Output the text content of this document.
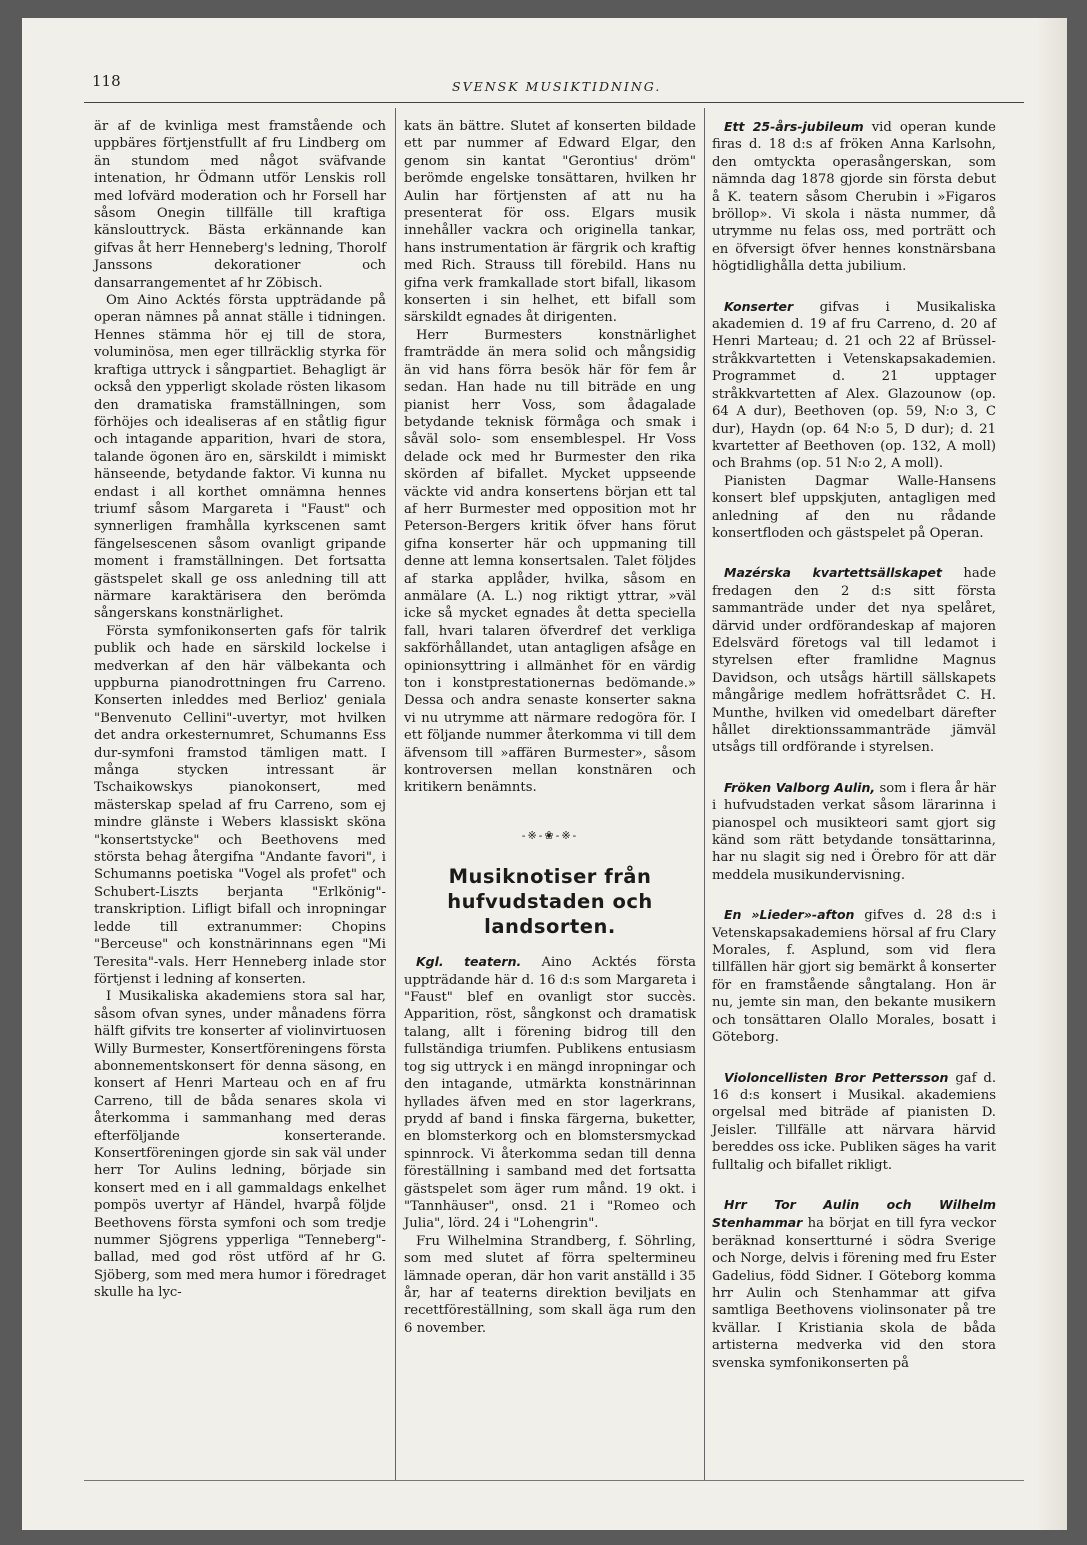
118	SVENSK MUSIKTIDNING.

är af de kvinliga mest framstående och uppbäres förtjenstfullt af fru Lindberg om än stundom med något sväfvande intenation, hr Ödmann utför Lenskis roll med lofvärd moderation och hr Forsell har såsom Onegin tillfälle till kraftiga känslouttryck. Bästa erkännande kan gifvas åt herr Henneberg's ledning, Thorolf Janssons dekorationer och dansarrangementet af hr Zöbisch.

Om Aino Acktés första uppträdande på operan nämnes på annat ställe i tidningen. Hennes stämma hör ej till de stora, voluminösa, men eger tillräcklig styrka för kraftiga uttryck i sångpartiet. Behagligt är också den ypperligt skolade rösten likasom den dramatiska framställningen, som förhöjes och idealiseras af en ståtlig figur och intagande apparition, hvari de stora, talande ögonen äro en, särskildt i mimiskt hänseende, betydande faktor. Vi kunna nu endast i all korthet omnämna hennes triumf såsom Margareta i "Faust" och synnerligen framhålla kyrkscenen samt fängelsescenen såsom ovanligt gripande moment i framställningen. Det fortsatta gästspelet skall ge oss anledning till att närmare karaktärisera den berömda sångerskans konstnärlighet.

Första symfonikonserten gafs för talrik publik och hade en särskild lockelse i medverkan af den här välbekanta och uppburna pianodrottningen fru Carreno. Konserten inleddes med Berlioz' geniala "Benvenuto Cellini"-uvertyr, mot hvilken det andra orkesternumret, Schumanns Ess dur-symfoni framstod tämligen matt. I många stycken intressant är Tschaikowskys pianokonsert, med mästerskap spelad af fru Carreno, som ej mindre glänste i Webers klassiskt sköna "konsertstycke" och Beethovens med största behag återgifna "Andante favori", i Schumanns poetiska "Vogel als profet" och Schubert-Liszts berjanta "Erlkönig"-transkription. Lifligt bifall och inropningar ledde till extranummer: Chopins "Berceuse" och konstnärinnans egen "Mi Teresita"-vals. Herr Henneberg inlade stor förtjenst i ledning af konserten.

I Musikaliska akademiens stora sal har, såsom ofvan synes, under månadens förra hälft gifvits tre konserter af violinvirtuosen Willy Burmester, Konsertföreningens första abonnementskonsert för denna säsong, en konsert af Henri Marteau och en af fru Carreno, till de båda senares skola vi återkomma i sammanhang med deras efterföljande konserterande. Konsertföreningen gjorde sin sak väl under herr Tor Aulins ledning, började sin konsert med en i all gammaldags enkelhet pompös uvertyr af Händel, hvarpå följde Beethovens första symfoni och som tredje nummer Sjögrens ypperliga "Tenneberg"-ballad, med god röst utförd af hr G. Sjöberg, som med mera humor i föredraget skulle ha lyc-

kats än bättre. Slutet af konserten bildade ett par nummer af Edward Elgar, den genom sin kantat "Gerontius' dröm" berömde engelske tonsättaren, hvilken hr Aulin har förtjensten af att nu ha presenterat för oss. Elgars musik innehåller vackra och originella tankar, hans instrumentation är färgrik och kraftig med Rich. Strauss till förebild. Hans nu gifna verk framkallade stort bifall, likasom konserten i sin helhet, ett bifall som särskildt egnades åt dirigenten.

Herr Burmesters konstnärlighet framträdde än mera solid och mångsidig än vid hans förra besök här för fem år sedan. Han hade nu till biträde en ung pianist herr Voss, som ådagalade betydande teknisk förmåga och smak i såväl solo- som ensemblespel. Hr Voss delade ock med hr Burmester den rika skörden af bifallet. Mycket uppseende väckte vid andra konsertens början ett tal af herr Burmester med opposition mot hr Peterson-Bergers kritik öfver hans förut gifna konserter här och uppmaning till denne att lemna konsertsalen. Talet följdes af starka applåder, hvilka, såsom en anmälare (A. L.) nog riktigt yttrar, »väl icke så mycket egnades åt detta speciella fall, hvari talaren öfverdref det verkliga sakförhållandet, utan antagligen afsåge en opinionsyttring i allmänhet för en värdig ton i konstprestationernas bedömande.» Dessa och andra senaste konserter sakna vi nu utrymme att närmare redogöra för. I ett följande nummer återkomma vi till dem äfvensom till »affären Burmester», såsom kontroversen mellan konstnären och kritikern benämnts.

-※-❀-※-
Musiknotiser från hufvudstaden och landsorten.

Kgl. teatern. Aino Acktés första uppträdande här d. 16 d:s som Margareta i "Faust" blef en ovanligt stor succès. Apparition, röst, sångkonst och dramatisk talang, allt i förening bidrog till den fullständiga triumfen. Publikens entusiasm tog sig uttryck i en mängd inropningar och den intagande, utmärkta konstnärinnan hyllades äfven med en stor lagerkrans, prydd af band i finska färgerna, buketter, en blomsterkorg och en blomstersmyckad spinnrock. Vi återkomma sedan till denna föreställning i samband med det fortsatta gästspelet som äger rum månd. 19 okt. i "Tannhäuser", onsd. 21 i "Romeo och Julia", lörd. 24 i "Lohengrin".

Fru Wilhelmina Strandberg, f. Söhrling, som med slutet af förra speltermineu lämnade operan, där hon varit anställd i 35 år, har af teaterns direktion beviljats en recettföreställning, som skall äga rum den 6 november.

Ett 25-års-jubileum vid operan kunde firas d. 18 d:s af fröken Anna Karlsohn, den omtyckta operasångerskan, som nämnda dag 1878 gjorde sin första debut å K. teatern såsom Cherubin i »Figaros bröllop». Vi skola i nästa nummer, då utrymme nu felas oss, med porträtt och en öfversigt öfver hennes konstnärsbana högtidlighålla detta jubilium.

Konserter gifvas i Musikaliska akademien d. 19 af fru Carreno, d. 20 af Henri Marteau; d. 21 och 22 af Brüssel-stråkkvartetten i Vetenskapsakademien. Programmet d. 21 upptager stråkkvartetten af Alex. Glazounow (op. 64 A dur), Beethoven (op. 59, N:o 3, C dur), Haydn (op. 64 N:o 5, D dur); d. 21 kvartetter af Beethoven (op. 132, A moll) och Brahms (op. 51 N:o 2, A moll).

Pianisten Dagmar Walle-Hansens konsert blef uppskjuten, antagligen med anledning af den nu rådande konsertfloden och gästspelet på Operan.

Mazérska kvartettsällskapet hade fredagen den 2 d:s sitt första sammanträde under det nya spelåret, därvid under ordförandeskap af majoren Edelsvärd företogs val till ledamot i styrelsen efter framlidne Magnus Davidson, och utsågs härtill sällskapets mångårige medlem hofrättsrådet C. H. Munthe, hvilken vid omedelbart därefter hållet direktionssammanträde jämväl utsågs till ordförande i styrelsen.

Fröken Valborg Aulin, som i flera år här i hufvudstaden verkat såsom lärarinna i pianospel och musikteori samt gjort sig känd som rätt betydande tonsättarinna, har nu slagit sig ned i Örebro för att där meddela musikundervisning.

En »Lieder»-afton gifves d. 28 d:s i Vetenskapsakademiens hörsal af fru Clary Morales, f. Asplund, som vid flera tillfällen här gjort sig bemärkt å konserter för en framstående sångtalang. Hon är nu, jemte sin man, den bekante musikern och tonsättaren Olallo Morales, bosatt i Göteborg.

Violoncellisten Bror Pettersson gaf d. 16 d:s konsert i Musikal. akademiens orgelsal med biträde af pianisten D. Jeisler. Tillfälle att närvara härvid bereddes oss icke. Publiken säges ha varit fulltalig och bifallet rikligt.

Hrr Tor Aulin och Wilhelm Stenhammar ha börjat en till fyra veckor beräknad konsertturné i södra Sverige och Norge, delvis i förening med fru Ester Gadelius, född Sidner. I Göteborg komma hrr Aulin och Stenhammar att gifva samtliga Beethovens violinsonater på tre kvällar. I Kristiania skola de båda artisterna medverka vid den stora svenska symfonikonserten på
